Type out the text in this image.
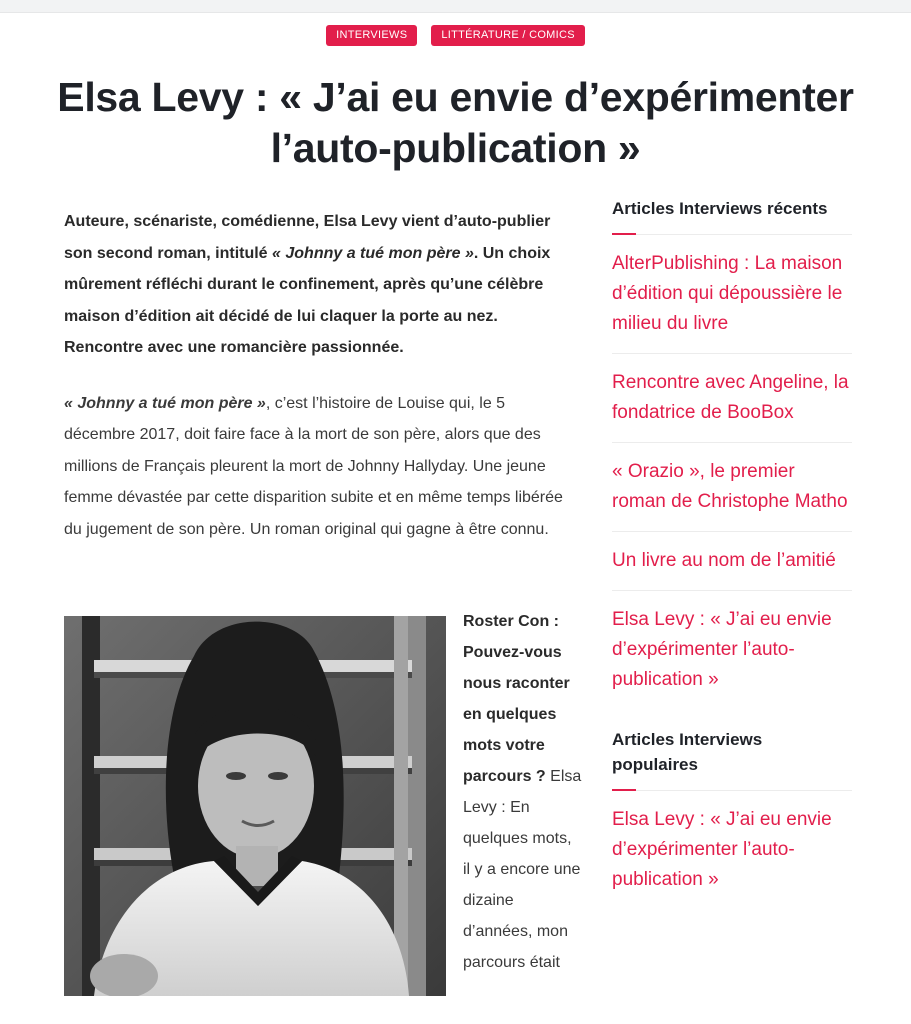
INTERVIEWS	LITTÉRATURE / COMICS
Elsa Levy : « J’ai eu envie d’expérimenter l’auto-publication »

Auteure, scénariste, comédienne, Elsa Levy vient d’auto-publier son second roman, intitulé « Johnny a tué mon père ». Un choix mûrement réfléchi durant le confinement, après qu’une célèbre maison d’édition ait décidé de lui claquer la porte au nez. Rencontre avec une romancière passionnée.

« Johnny a tué mon père », c’est l’histoire de Louise qui, le 5 décembre 2017, doit faire face à la mort de son père, alors que des millions de Français pleurent la mort de Johnny Hallyday. Une jeune femme dévastée par cette disparition subite et en même temps libérée du jugement de son père. Un roman original qui gagne à être connu.

Roster Con : Pouvez-vous nous raconter en quelques mots votre parcours ? Elsa Levy : En quelques mots, il y a encore une dizaine d’années, mon parcours était
Articles Interviews récents
AlterPublishing : La maison d’édition qui dépoussière le milieu du livre
Rencontre avec Angeline, la fondatrice de BooBox
« Orazio », le premier roman de Christophe Matho
Un livre au nom de l’amitié
Elsa Levy : « J’ai eu envie d’expérimenter l’auto-publication »
Articles Interviews populaires
Elsa Levy : « J’ai eu envie d’expérimenter l’auto-publication »
